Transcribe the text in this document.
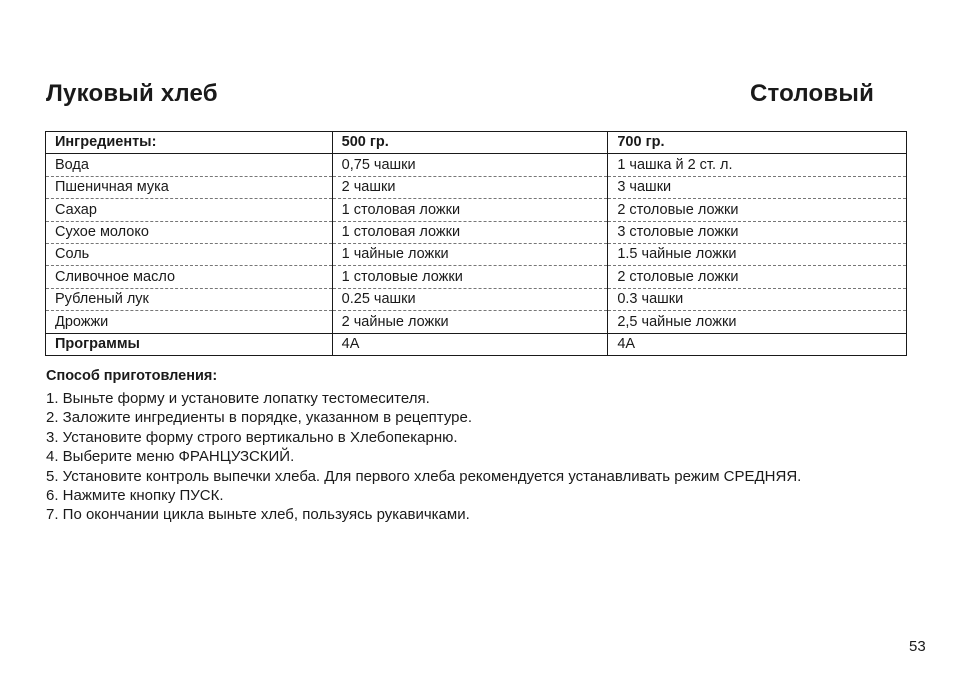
Луковый хлеб	Столовый
Ингредиенты:	500 гр.	700 гр.
Вода	0,75 чашки	1 чашка й 2 ст. л.
Пшеничная мука	2 чашки	3 чашки
Сахар	1 столовая ложки	2 столовые ложки
Сухое молоко	1 столовая ложки	3 столовые ложки
Соль	1 чайные ложки	1.5 чайные ложки
Сливочное масло	1 столовые ложки	2 столовые ложки
Рубленый лук	0.25 чашки	0.3 чашки
Дрожжи	2 чайные ложки	2,5 чайные ложки
Программы	4A	4A
Способ приготовления:
1. Выньте форму и установите лопатку тестомесителя.
2. Заложите ингредиенты в порядке, указанном в рецептуре.
3. Установите форму строго вертикально в Хлебопекарню.
4. Выберите меню ФРАНЦУЗСКИЙ.
5. Установите контроль выпечки хлеба. Для первого хлеба рекомендуется устанавливать режим СРЕДНЯЯ.
6. Нажмите кнопку ПУСК.
7. По окончании цикла выньте хлеб, пользуясь рукавичками.
53
